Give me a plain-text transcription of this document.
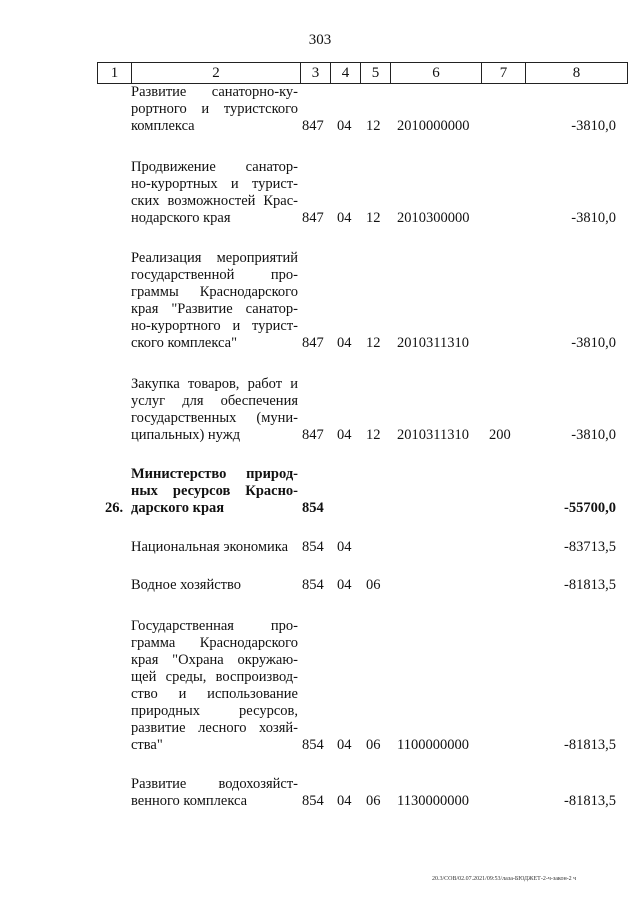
303
1	2	3	4	5	6	7	8
Развитие санаторно-ку-
рортного и туристского
комплекса	847 04 12 2010000000	-3810,0
Продвижение санатор-
но-курортных и турист-
ских возможностей Крас-
нодарского края	847 04 12 2010300000	-3810,0
Реализация мероприятий
государственной про-
граммы Краснодарского
края "Развитие санатор-
но-курортного и турист-
ского комплекса"	847 04 12 2010311310	-3810,0
Закупка товаров, работ и
услуг для обеспечения
государственных (муни-
ципальных) нужд	847 04 12 2010311310 200	-3810,0
26.
Министерство природ-
ных ресурсов Красно-
дарского края	854	-55700,0
Национальная экономика 854 04	-83713,5
Водное хозяйство	854 04 06	-81813,5
Государственная про-
грамма Краснодарского
края "Охрана окружаю-
щей среды, воспроизвод-
ство и использование
природных ресурсов,
развитие лесного хозяй-
ства"	854 04 06 1100000000	-81813,5
Развитие водохозяйст-
венного комплекса	854 04 06 1130000000	-81813,5
20.3/СОВ/02.07.2021/09:53/лаза-БЮДЖЕТ-2-ч-закон-2 ч
